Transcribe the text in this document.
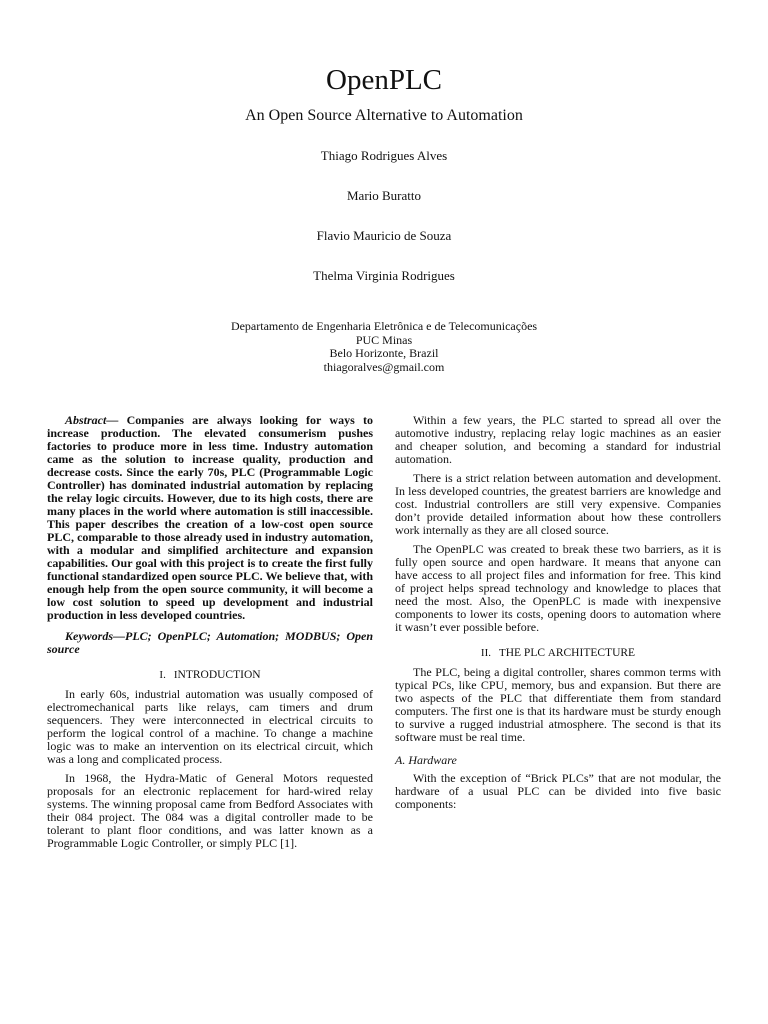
OpenPLC
An Open Source Alternative to Automation
Thiago Rodrigues Alves
Mario Buratto
Flavio Mauricio de Souza
Thelma Virginia Rodrigues
Departamento de Engenharia Eletrônica e de Telecomunicações
PUC Minas
Belo Horizonte, Brazil
thiagoralves@gmail.com

Abstract— Companies are always looking for ways to increase production. The elevated consumerism pushes factories to produce more in less time. Industry automation came as the solution to increase quality, production and decrease costs. Since the early 70s, PLC (Programmable Logic Controller) has dominated industrial automation by replacing the relay logic circuits. However, due to its high costs, there are many places in the world where automation is still inaccessible. This paper describes the creation of a low-cost open source PLC, comparable to those already used in industry automation, with a modular and simplified architecture and expansion capabilities. Our goal with this project is to create the first fully functional standardized open source PLC. We believe that, with enough help from the open source community, it will become a low cost solution to speed up development and industrial production in less developed countries.

Keywords—PLC; OpenPLC; Automation; MODBUS; Open source

I. INTRODUCTION

In early 60s, industrial automation was usually composed of electromechanical parts like relays, cam timers and drum sequencers. They were interconnected in electrical circuits to perform the logical control of a machine. To change a machine logic was to make an intervention on its electrical circuit, which was a long and complicated process.

In 1968, the Hydra-Matic of General Motors requested proposals for an electronic replacement for hard-wired relay systems. The winning proposal came from Bedford Associates with their 084 project. The 084 was a digital controller made to be tolerant to plant floor conditions, and was latter known as a Programmable Logic Controller, or simply PLC [1].

Within a few years, the PLC started to spread all over the automotive industry, replacing relay logic machines as an easier and cheaper solution, and becoming a standard for industrial automation.

There is a strict relation between automation and development. In less developed countries, the greatest barriers are knowledge and cost. Industrial controllers are still very expensive. Companies don’t provide detailed information about how these controllers work internally as they are all closed source.

The OpenPLC was created to break these two barriers, as it is fully open source and open hardware. It means that anyone can have access to all project files and information for free. This kind of project helps spread technology and knowledge to places that need the most. Also, the OpenPLC is made with inexpensive components to lower its costs, opening doors to automation where it wasn’t ever possible before.

II. THE PLC ARCHITECTURE

The PLC, being a digital controller, shares common terms with typical PCs, like CPU, memory, bus and expansion. But there are two aspects of the PLC that differentiate them from standard computers. The first one is that its hardware must be sturdy enough to survive a rugged industrial atmosphere. The second is that its software must be real time.

A. Hardware

With the exception of “Brick PLCs” that are not modular, the hardware of a usual PLC can be divided into five basic components:
